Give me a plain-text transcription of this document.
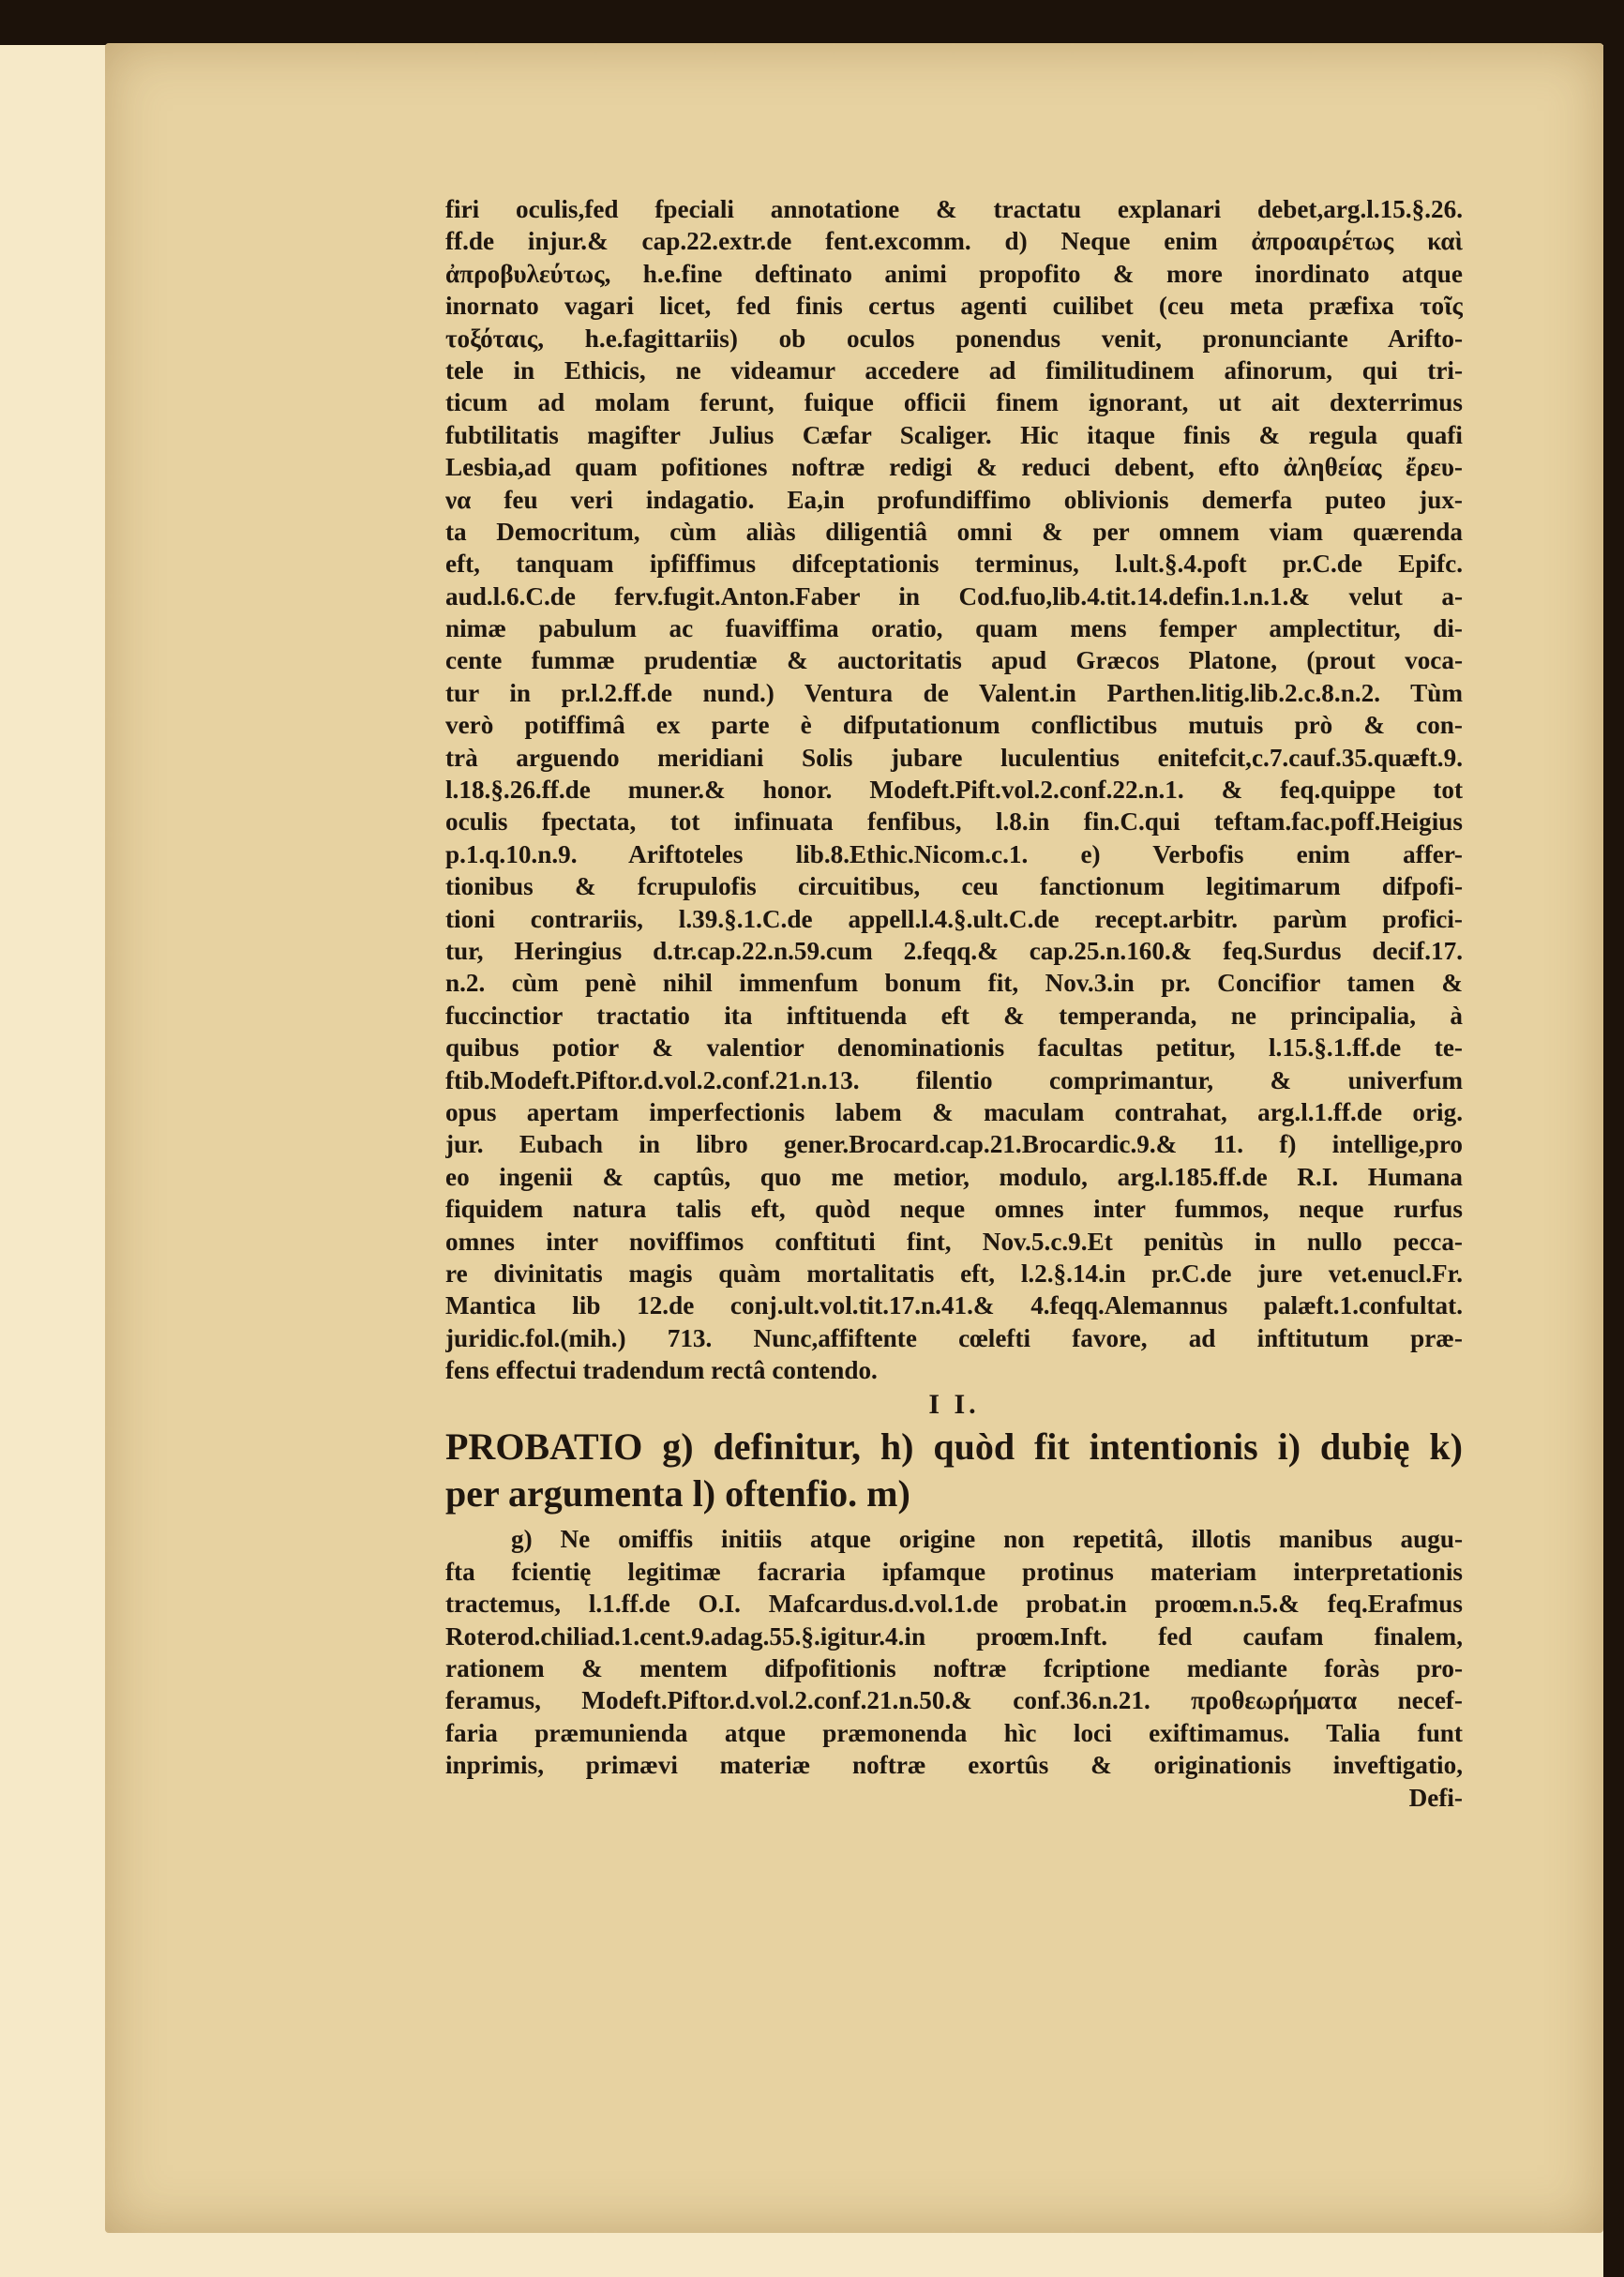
firi oculis,fed fpeciali annotatione & tractatu explanari debet,arg.l.15.§.26.
ff.de injur.& cap.22.extr.de fent.excomm. d) Neque enim ἀπροαιρέτως καὶ
ἀπροβυλεύτως, h.e.fine deftinato animi propofito & more inordinato atque
inornato vagari licet, fed finis certus agenti cuilibet (ceu meta præfixa τοῖς
τοξόταις, h.e.fagittariis) ob oculos ponendus venit, pronunciante Arifto-
tele in Ethicis, ne videamur accedere ad fimilitudinem afinorum, qui tri-
ticum ad molam ferunt, fuique officii finem ignorant, ut ait dexterrimus
fubtilitatis magifter Julius Cæfar Scaliger. Hic itaque finis & regula quafi
Lesbia,ad quam pofitiones noftræ redigi & reduci debent, efto ἀληθείας ἔρευ-
να feu veri indagatio. Ea,in profundiffimo oblivionis demerfa puteo jux-
ta Democritum, cùm aliàs diligentiâ omni & per omnem viam quærenda
eft, tanquam ipfiffimus difceptationis terminus, l.ult.§.4.poft pr.C.de Epifc.
aud.l.6.C.de ferv.fugit.Anton.Faber in Cod.fuo,lib.4.tit.14.defin.1.n.1.& velut a-
nimæ pabulum ac fuaviffima oratio, quam mens femper amplectitur, di-
cente fummæ prudentiæ & auctoritatis apud Græcos Platone, (prout voca-
tur in pr.l.2.ff.de nund.) Ventura de Valent.in Parthen.litig.lib.2.c.8.n.2. Tùm
verò potiffimâ ex parte è difputationum conflictibus mutuis prò & con-
trà arguendo meridiani Solis jubare luculentius enitefcit,c.7.cauf.35.quæft.9.
l.18.§.26.ff.de muner.& honor. Modeft.Pift.vol.2.conf.22.n.1. & feq.quippe tot
oculis fpectata, tot infinuata fenfibus, l.8.in fin.C.qui teftam.fac.poff.Heigius
p.1.q.10.n.9. Ariftoteles lib.8.Ethic.Nicom.c.1. e) Verbofis enim affer-
tionibus & fcrupulofis circuitibus, ceu fanctionum legitimarum difpofi-
tioni contrariis, l.39.§.1.C.de appell.l.4.§.ult.C.de recept.arbitr. parùm profici-
tur, Heringius d.tr.cap.22.n.59.cum 2.feqq.& cap.25.n.160.& feq.Surdus decif.17.
n.2. cùm penè nihil immenfum bonum fit, Nov.3.in pr. Concifior tamen &
fuccinctior tractatio ita inftituenda eft & temperanda, ne principalia, à
quibus potior & valentior denominationis facultas petitur, l.15.§.1.ff.de te-
ftib.Modeft.Piftor.d.vol.2.conf.21.n.13. filentio comprimantur, & univerfum
opus apertam imperfectionis labem & maculam contrahat, arg.l.1.ff.de orig.
jur. Eubach in libro gener.Brocard.cap.21.Brocardic.9.& 11. f) intellige,pro
eo ingenii & captûs, quo me metior, modulo, arg.l.185.ff.de R.I. Humana
fiquidem natura talis eft, quòd neque omnes inter fummos, neque rurfus
omnes inter noviffimos conftituti fint, Nov.5.c.9.Et penitùs in nullo pecca-
re divinitatis magis quàm mortalitatis eft, l.2.§.14.in pr.C.de jure vet.enucl.Fr.
Mantica lib 12.de conj.ult.vol.tit.17.n.41.& 4.feqq.Alemannus palæft.1.confultat.
juridic.fol.(mih.) 713. Nunc,affiftente cœlefti favore, ad inftitutum præ-
fens effectui tradendum rectâ contendo.
I I.
PROBATIO g) definitur, h) quòd fit intentionis i) dubię k)
per argumenta l) oftenfio. m)
g) Ne omiffis initiis atque origine non repetitâ, illotis manibus augu-
fta fcientię legitimæ facraria ipfamque protinus materiam interpretationis
tractemus, l.1.ff.de O.I. Mafcardus.d.vol.1.de probat.in proœm.n.5.& feq.Erafmus
Roterod.chiliad.1.cent.9.adag.55.§.igitur.4.in proœm.Inft. fed caufam finalem,
rationem & mentem difpofitionis noftræ fcriptione mediante foràs pro-
feramus, Modeft.Piftor.d.vol.2.conf.21.n.50.& conf.36.n.21. προθεωρήματα necef-
faria præmunienda atque præmonenda hìc loci exiftimamus. Talia funt
inprimis, primævi materiæ noftræ exortûs & originationis inveftigatio,
Defi-
